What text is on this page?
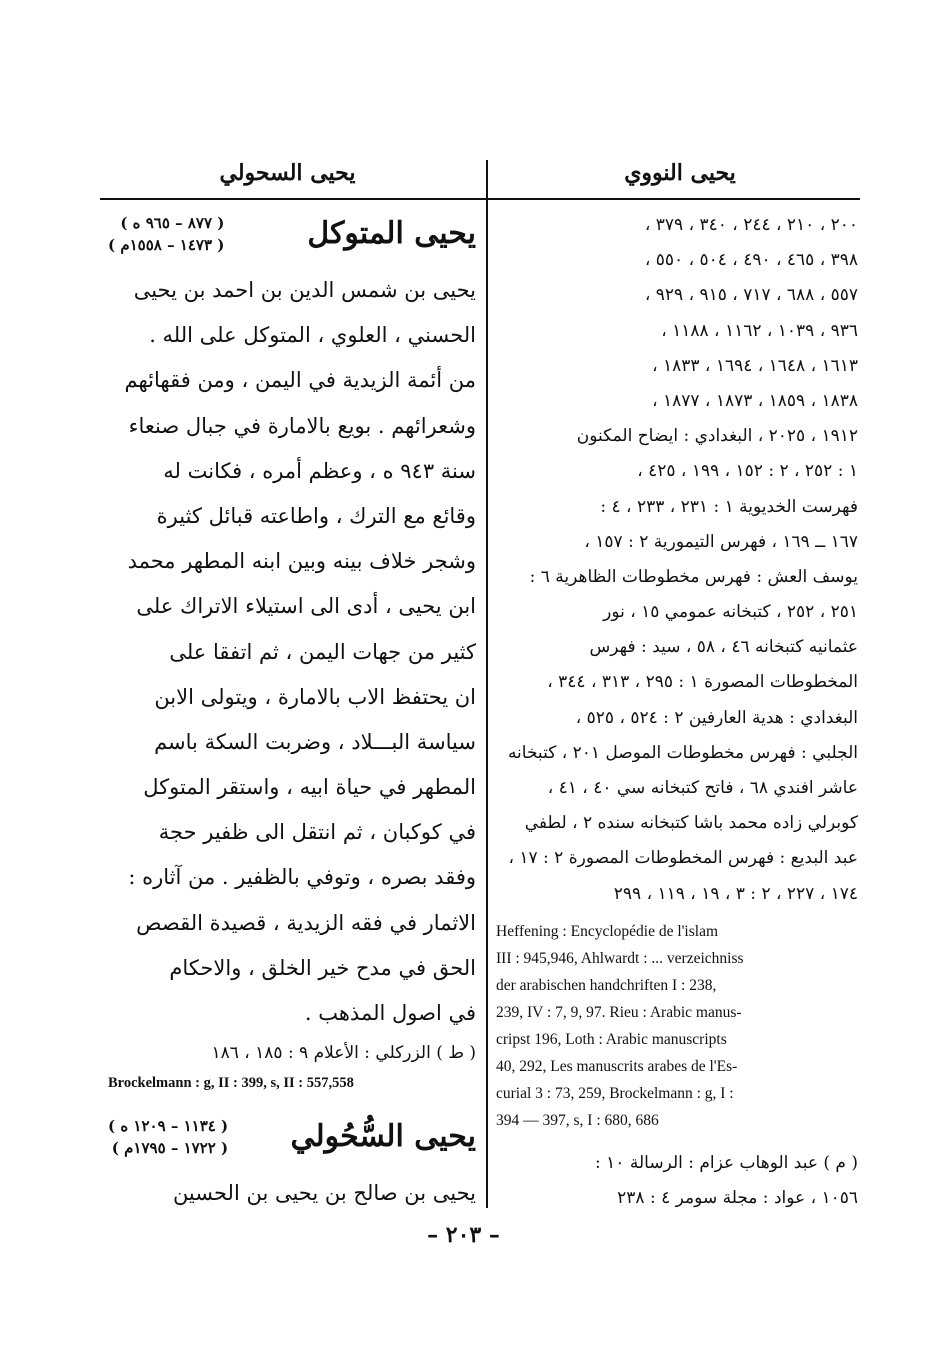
يحيى السحولي	يحيى النووي
٢٠٠ ، ٢١٠ ، ٢٤٤ ، ٣٤٠ ، ٣٧٩ ،
٣٩٨ ، ٤٦٥ ، ٤٩٠ ، ٥٠٤ ، ٥٥٠ ،
٥٥٧ ، ٦٨٨ ، ٧١٧ ، ٩١٥ ، ٩٢٩ ،
٩٣٦ ، ١٠٣٩ ، ١١٦٢ ، ١١٨٨ ،
١٦١٣ ، ١٦٤٨ ، ١٦٩٤ ، ١٨٣٣ ،
١٨٣٨ ، ١٨٥٩ ، ١٨٧٣ ، ١٨٧٧ ،
١٩١٢ ، ٢٠٢٥ ، البغدادي : ايضاح المكنون
١ : ٢٥٢ ، ٢ : ١٥٢ ، ١٩٩ ، ٤٢٥ ،
فهرست الخديوية ١ : ٢٣١ ، ٢٣٣ ، ٤ :
١٦٧ ــ ١٦٩ ، فهرس التيمورية ٢ : ١٥٧ ،
يوسف العش : فهرس مخطوطات الظاهرية ٦ :
٢٥١ ، ٢٥٢ ، كتبخانه عمومي ١٥ ، نور
عثمانيه كتبخانه ٤٦ ، ٥٨ ، سيد : فهرس
المخطوطات المصورة ١ : ٢٩٥ ، ٣١٣ ، ٣٤٤ ،
البغدادي : هدية العارفين ٢ : ٥٢٤ ، ٥٢٥ ،
الجلبي : فهرس مخطوطات الموصل ٢٠١ ، كتبخانه
عاشر افندي ٦٨ ، فاتح كتبخانه سي ٤٠ ، ٤١ ،
كوبرلي زاده محمد باشا كتبخانه سنده ٢ ، لطفي
عبد البديع : فهرس المخطوطات المصورة ٢ : ١٧ ،
١٧٤ ، ٢٢٧ ، ٢ : ٣ ، ١٩ ، ١١٩ ، ٢٩٩
Heffening : Encyclopédie de l'islam
III : 945,946, Ahlwardt : ... verzeichniss
der arabischen handchriften I : 238,
239, IV : 7, 9, 97. Rieu : Arabic manus-
cripst 196, Loth : Arabic manuscripts
40, 292, Les manuscrits arabes de l'Es-
curial 3 : 73, 259, Brockelmann : g, I :
394 — 397, s, I : 680, 686
( م ) عبد الوهاب عزام : الرسالة ١٠ :
١٠٥٦ ، عواد : مجلة سومر ٤ : ٢٣٨
يحيى المتوكل
( ٨٧٧ – ٩٦٥ ه )
( ١٤٧٣ – ١٥٥٨م )
يحيى بن شمس الدين بن احمد بن يحيى
الحسني ، العلوي ، المتوكل على الله .
من أئمة الزيدية في اليمن ، ومن فقهائهم
وشعرائهم . بويع بالامارة في جبال صنعاء
سنة ٩٤٣ ه ، وعظم أمره ، فكانت له
وقائع مع الترك ، واطاعته قبائل كثيرة
وشجر خلاف بينه وبين ابنه المطهر محمد
ابن يحيى ، أدى الى استيلاء الاتراك على
كثير من جهات اليمن ، ثم اتفقا على
ان يحتفظ الاب بالامارة ، ويتولى الابن
سياسة البـــلاد ، وضربت السكة باسم
المطهر في حياة ابيه ، واستقر المتوكل
في كوكبان ، ثم انتقل الى ظفير حجة
وفقد بصره ، وتوفي بالظفير . من آثاره :
الاثمار في فقه الزيدية ، قصيدة القصص
الحق في مدح خير الخلق ، والاحكام
في اصول المذهب .
( ط ) الزركلي : الأعلام ٩ : ١٨٥ ، ١٨٦
Brockelmann : g, II : 399, s, II : 557,558
يحيى السُّحُولي
( ١١٣٤ – ١٢٠٩ ه )
( ١٧٢٢ – ١٧٩٥م )
يحيى بن صالح بن يحيى بن الحسين
– ٢٠٣ –
